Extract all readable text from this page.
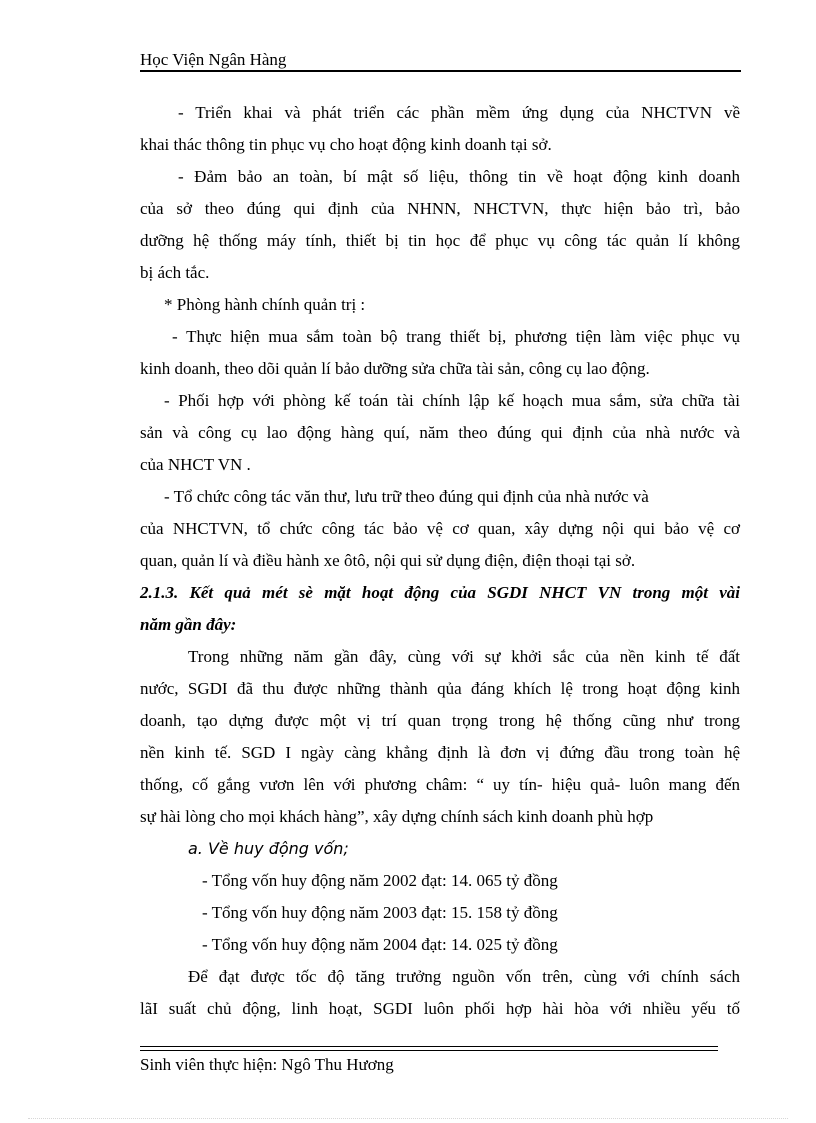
Học Viện Ngân Hàng
- Triển khai và phát triển các phần mềm ứng dụng của NHCTVN về
khai thác thông tin phục vụ cho hoạt động kinh doanh tại sở.
- Đảm bảo an toàn, bí mật số liệu, thông tin về hoạt động kinh doanh
của sở theo đúng qui định của NHNN, NHCTVN, thực hiện bảo trì, bảo
dưỡng hệ thống máy tính, thiết bị tin học để phục vụ công tác quản lí không
bị ách tắc.
* Phòng hành chính quản trị :
- Thực hiện mua sắm toàn bộ trang thiết bị, phương tiện làm việc phục vụ
kinh doanh, theo dõi quản lí bảo dưỡng sửa chữa tài sản, công cụ lao động.
- Phối hợp với phòng kế toán tài chính lập kế hoạch mua sắm, sửa chữa tài
sản và công cụ lao động hàng quí, năm theo đúng qui định của nhà nước và
của NHCT VN .
- Tổ chức công tác văn thư, lưu trữ theo đúng qui định của nhà nước và
của NHCTVN, tổ chức công tác bảo vệ cơ quan, xây dựng nội qui bảo vệ cơ
quan, quản lí và điều hành xe ôtô, nội qui sử dụng điện, điện thoại tại sở.
2.1.3. Kết quả mét sè mặt hoạt động của SGDI NHCT VN trong một vài
năm gần đây:
Trong những năm gần đây, cùng với sự khởi sắc của nền kinh tế đất
nước, SGDI đã thu được những thành qủa đáng khích lệ trong hoạt động kinh
doanh, tạo dựng được một vị trí quan trọng trong hệ thống cũng như trong
nền kinh tế. SGD I ngày càng khẳng định là đơn vị đứng đầu trong toàn hệ
thống, cố gắng vươn lên với phương châm: “ uy tín- hiệu quả- luôn mang đến
sự hài lòng cho mọi khách hàng”, xây dựng chính sách kinh doanh phù hợp
a. Về huy động vốn;
- Tổng vốn huy động năm 2002 đạt: 14. 065 tỷ đồng
- Tổng vốn huy động năm 2003 đạt: 15. 158 tỷ đồng
- Tổng vốn huy động năm 2004 đạt: 14. 025 tỷ đồng
Để đạt được tốc độ tăng trưởng nguồn vốn trên, cùng với chính sách
lãI suất chủ động, linh hoạt, SGDI luôn phối hợp hài hòa với nhiều yếu tố
Sinh viên thực hiện: Ngô Thu Hương
